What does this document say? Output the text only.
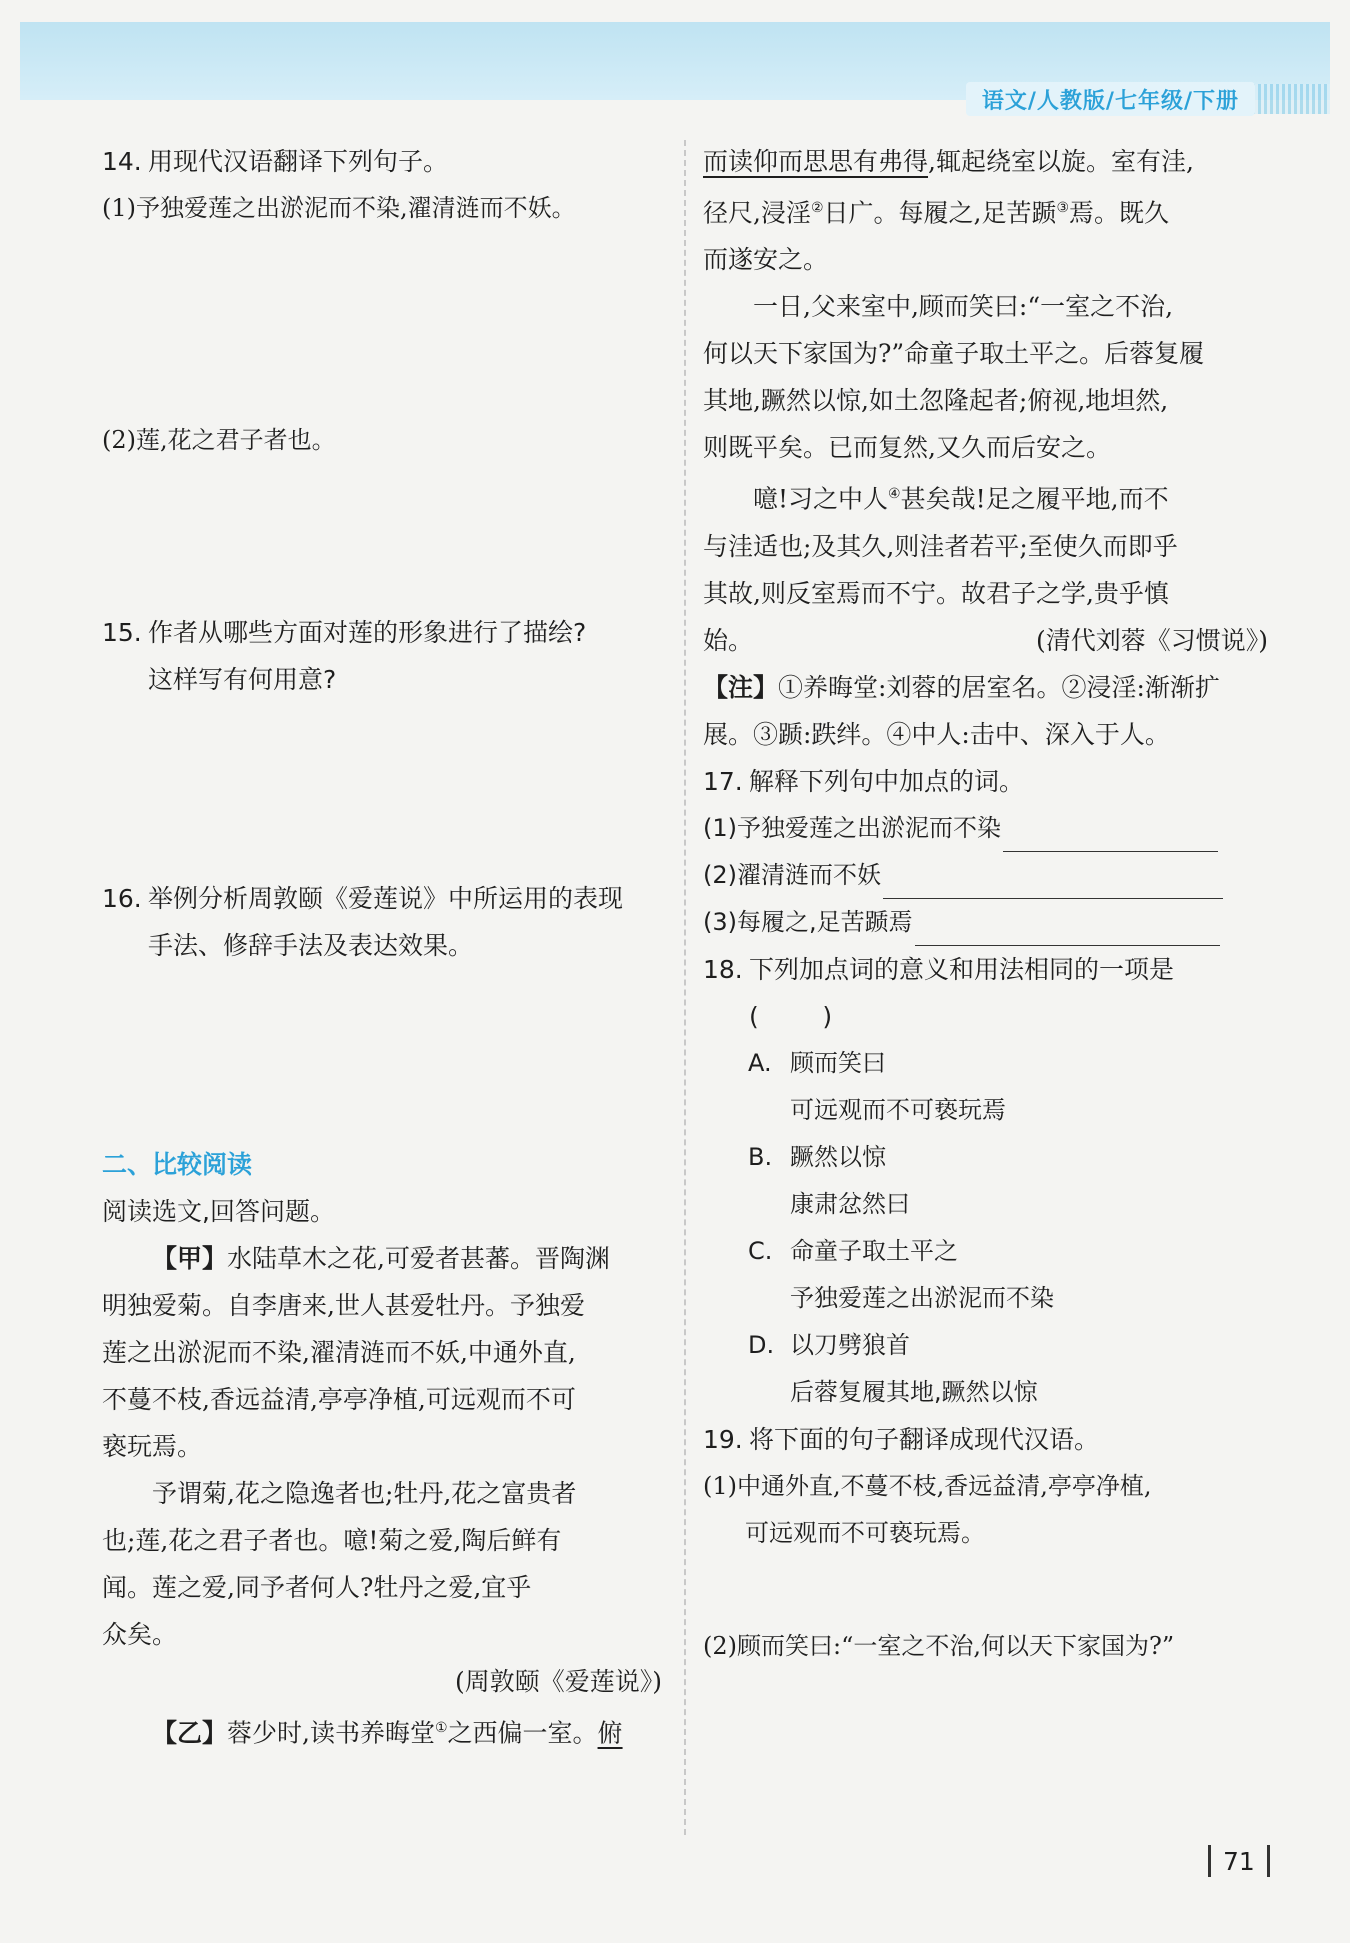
语文/人教版/七年级/下册
14. 用现代汉语翻译下列句子。
(1)予独爱莲之出淤泥而不染,濯清涟而不妖。
(2)莲,花之君子者也。
15. 作者从哪些方面对莲的形象进行了描绘?
这样写有何用意?
16. 举例分析周敦颐《爱莲说》中所运用的表现
手法、修辞手法及表达效果。
二、比较阅读
阅读选文,回答问题。
【甲】水陆草木之花,可爱者甚蕃。晋陶渊
明独爱菊。自李唐来,世人甚爱牡丹。予独爱
莲之出淤泥而不染,濯清涟而不妖,中通外直,
不蔓不枝,香远益清,亭亭净植,可远观而不可
亵玩焉。
予谓菊,花之隐逸者也;牡丹,花之富贵者
也;莲,花之君子者也。噫!菊之爱,陶后鲜有
闻。莲之爱,同予者何人?牡丹之爱,宜乎
众矣。
(周敦颐《爱莲说》)
【乙】蓉少时,读书养晦堂①之西偏一室。俯
而读仰而思思有弗得,辄起绕室以旋。室有洼,
径尺,浸淫②日广。每履之,足苦踬③焉。既久
而遂安之。
一日,父来室中,顾而笑曰:“一室之不治,
何以天下家国为?”命童子取土平之。后蓉复履
其地,蹶然以惊,如土忽隆起者;俯视,地坦然,
则既平矣。已而复然,又久而后安之。
噫!习之中人④甚矣哉!足之履平地,而不
与洼适也;及其久,则洼者若平;至使久而即乎
其故,则反室焉而不宁。故君子之学,贵乎慎
始。	(清代刘蓉《习惯说》)
【注】①养晦堂:刘蓉的居室名。②浸淫:渐渐扩
展。③踬:跌绊。④中人:击中、深入于人。
17. 解释下列句中加点的词。
(1)予独爱莲之出淤泥而不染
(2)濯清涟而不妖
(3)每履之,足苦踬焉
18. 下列加点词的意义和用法相同的一项是
(        )
A. 顾而笑曰
可远观而不可亵玩焉
B. 蹶然以惊
康肃忿然曰
C. 命童子取土平之
予独爱莲之出淤泥而不染
D. 以刀劈狼首
后蓉复履其地,蹶然以惊
19. 将下面的句子翻译成现代汉语。
(1)中通外直,不蔓不枝,香远益清,亭亭净植,
可远观而不可亵玩焉。
(2)顾而笑曰:“一室之不治,何以天下家国为?”
71
